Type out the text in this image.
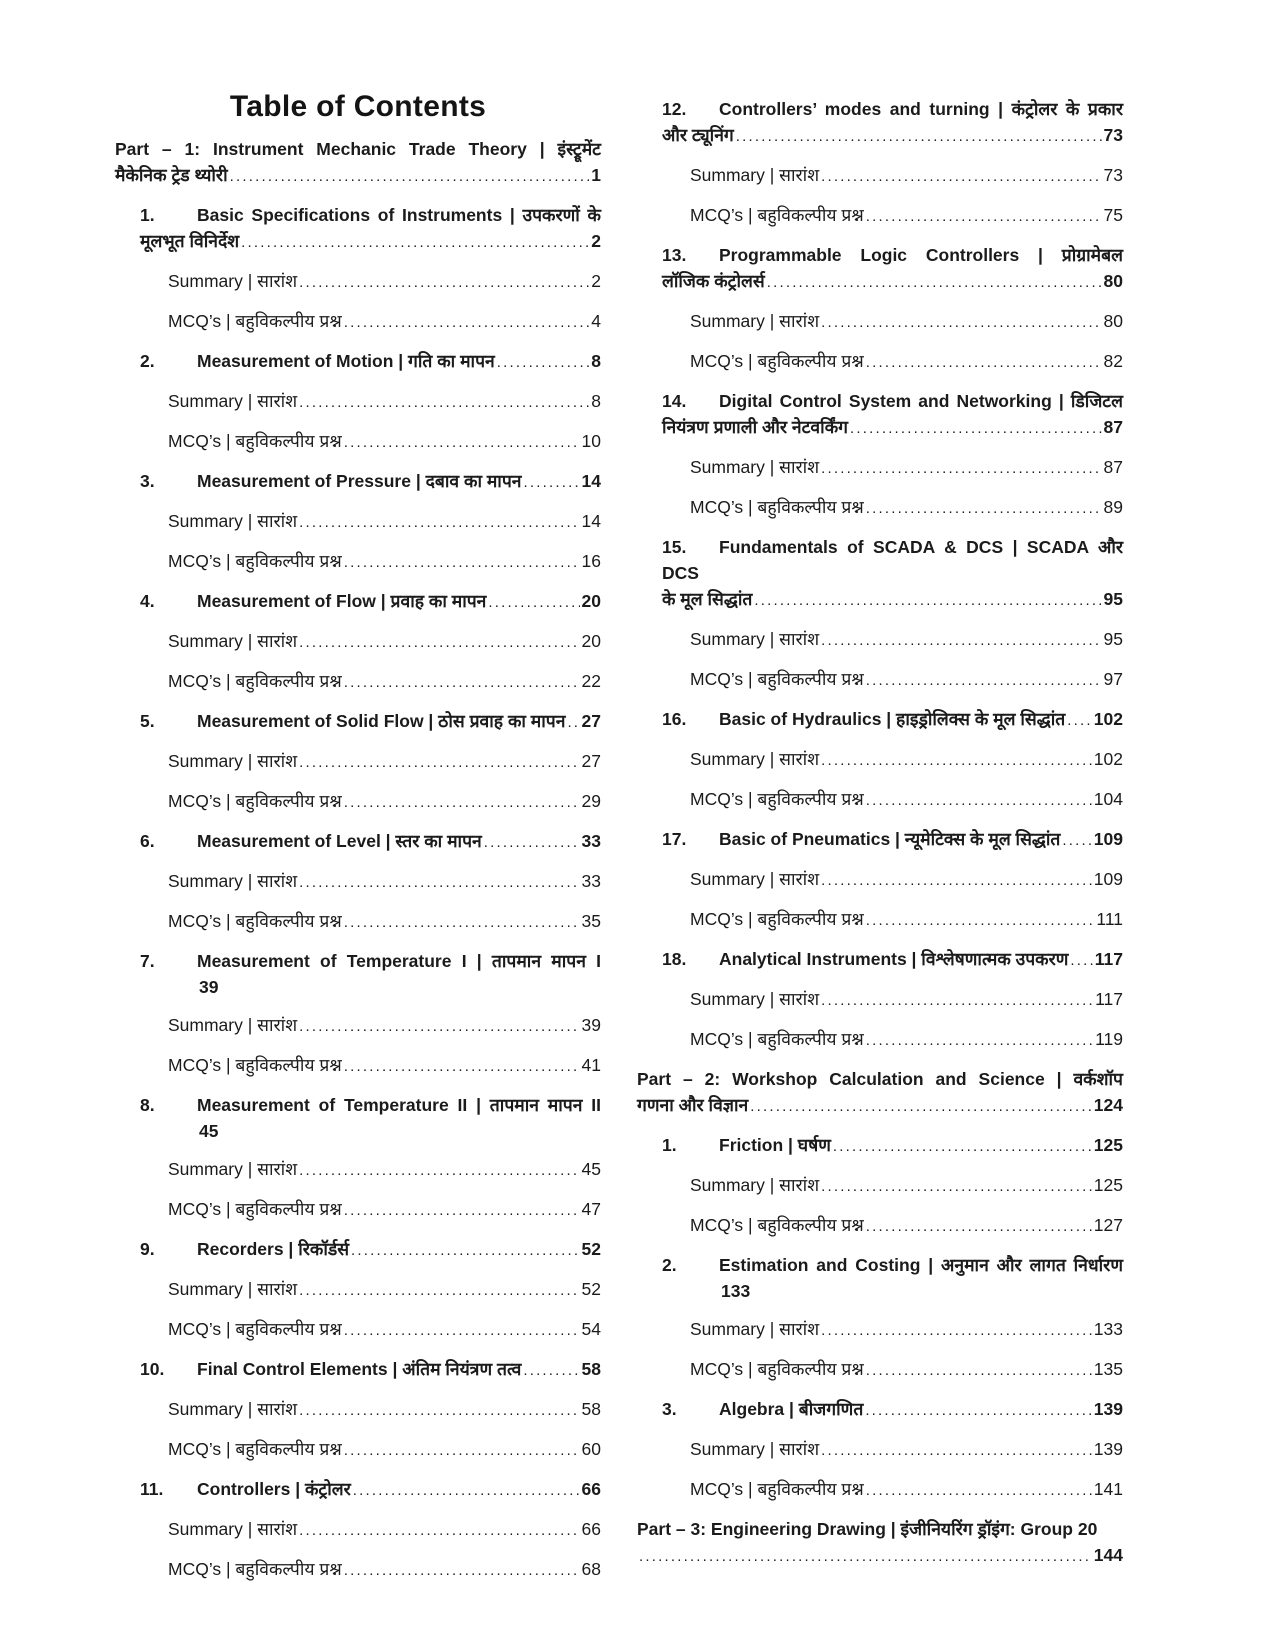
Table of Contents
Part – 1: Instrument Mechanic Trade Theory | इंस्ट्रूमेंट
मैकेनिक ट्रेड थ्योरी .....	1
1. Basic Specifications of Instruments | उपकरणों के
मूलभूत विनिर्देश .....	2
Summary | सारांश .....	2
MCQ’s | बहुविकल्पीय प्रश्न .....	4
2.	Measurement of Motion | गति का मापन .....	8
Summary | सारांश .....	8
MCQ’s | बहुविकल्पीय प्रश्न .....	10
3.	Measurement of Pressure | दबाव का मापन .....	14
Summary | सारांश .....	14
MCQ’s | बहुविकल्पीय प्रश्न .....	16
4.	Measurement of Flow | प्रवाह का मापन .....	20
Summary | सारांश .....	20
MCQ’s | बहुविकल्पीय प्रश्न .....	22
5.	Measurement of Solid Flow | ठोस प्रवाह का मापन ..... 27
Summary | सारांश .....	27
MCQ’s | बहुविकल्पीय प्रश्न .....	29
6.	Measurement of Level | स्तर का मापन .....	33
Summary | सारांश .....	33
MCQ’s | बहुविकल्पीय प्रश्न .....	35
7. Measurement of Temperature I | तापमान मापन I
39
Summary | सारांश .....	39
MCQ’s | बहुविकल्पीय प्रश्न .....	41
8. Measurement of Temperature II | तापमान मापन II
45
Summary | सारांश .....	45
MCQ’s | बहुविकल्पीय प्रश्न .....	47
9.	Recorders | रिकॉर्डर्स .....	52
Summary | सारांश .....	52
MCQ’s | बहुविकल्पीय प्रश्न .....	54
10.	Final Control Elements | अंतिम नियंत्रण तत्व .....	58
Summary | सारांश .....	58
MCQ’s | बहुविकल्पीय प्रश्न .....	60
11.	Controllers | कंट्रोलर .....	66
Summary | सारांश .....	66
MCQ’s | बहुविकल्पीय प्रश्न .....	68
12. Controllers’ modes and turning | कंट्रोलर के प्रकार
और ट्यूनिंग .....	73
Summary | सारांश .....	73
MCQ’s | बहुविकल्पीय प्रश्न .....	75
13. Programmable Logic Controllers | प्रोग्रामेबल
लॉजिक कंट्रोलर्स .....	80
Summary | सारांश .....	80
MCQ’s | बहुविकल्पीय प्रश्न .....	82
14. Digital Control System and Networking | डिजिटल
नियंत्रण प्रणाली और नेटवर्किंग .....	87
Summary | सारांश .....	87
MCQ’s | बहुविकल्पीय प्रश्न .....	89
15. Fundamentals of SCADA & DCS | SCADA और DCS
के मूल सिद्धांत .....	95
Summary | सारांश .....	95
MCQ’s | बहुविकल्पीय प्रश्न .....	97
16.	Basic of Hydraulics | हाइड्रोलिक्स के मूल सिद्धांत ..... 102
Summary | सारांश .....	102
MCQ’s | बहुविकल्पीय प्रश्न .....	104
17.	Basic of Pneumatics | न्यूमेटिक्स के मूल सिद्धांत ..... 109
Summary | सारांश .....	109
MCQ’s | बहुविकल्पीय प्रश्न .....	111
18.	Analytical Instruments | विश्लेषणात्मक उपकरण ..... 117
Summary | सारांश .....	117
MCQ’s | बहुविकल्पीय प्रश्न .....	119
Part – 2: Workshop Calculation and Science | वर्कशॉप
गणना और विज्ञान .....	124
1.	Friction | घर्षण .....	125
Summary | सारांश .....	125
MCQ’s | बहुविकल्पीय प्रश्न .....	127
2. Estimation and Costing | अनुमान और लागत निर्धारण
133
Summary | सारांश .....	133
MCQ’s | बहुविकल्पीय प्रश्न .....	135
3.	Algebra | बीजगणित .....	139
Summary | सारांश .....	139
MCQ’s | बहुविकल्पीय प्रश्न .....	141
Part – 3: Engineering Drawing | इंजीनियरिंग ड्रॉइंग: Group 20
.....
144
